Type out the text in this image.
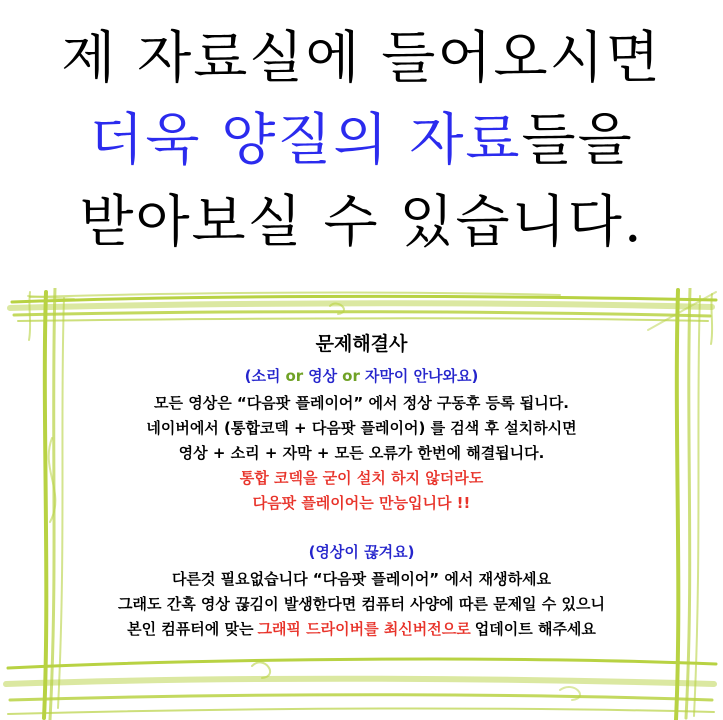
제 자료실에 들어오시면
더욱 양질의 자료들을
받아보실 수 있습니다.
문제해결사
(소리 or 영상 or 자막이 안나와요)
모든 영상은 “다음팟 플레이어” 에서 정상 구동후 등록 됩니다.
네이버에서 (통합코덱 + 다음팟 플레이어) 를 검색 후 설치하시면
영상 + 소리 + 자막 + 모든 오류가 한번에 해결됩니다.
통합 코덱을 굳이 설치 하지 않더라도
다음팟 플레이어는 만능입니다 !!
(영상이 끊겨요)
다른것 필요없습니다 “다음팟 플레이어” 에서 재생하세요
그래도 간혹 영상 끊김이 발생한다면 컴퓨터 사양에 따른 문제일 수 있으니
본인 컴퓨터에 맞는 그래픽 드라이버를 최신버전으로 업데이트 해주세요
